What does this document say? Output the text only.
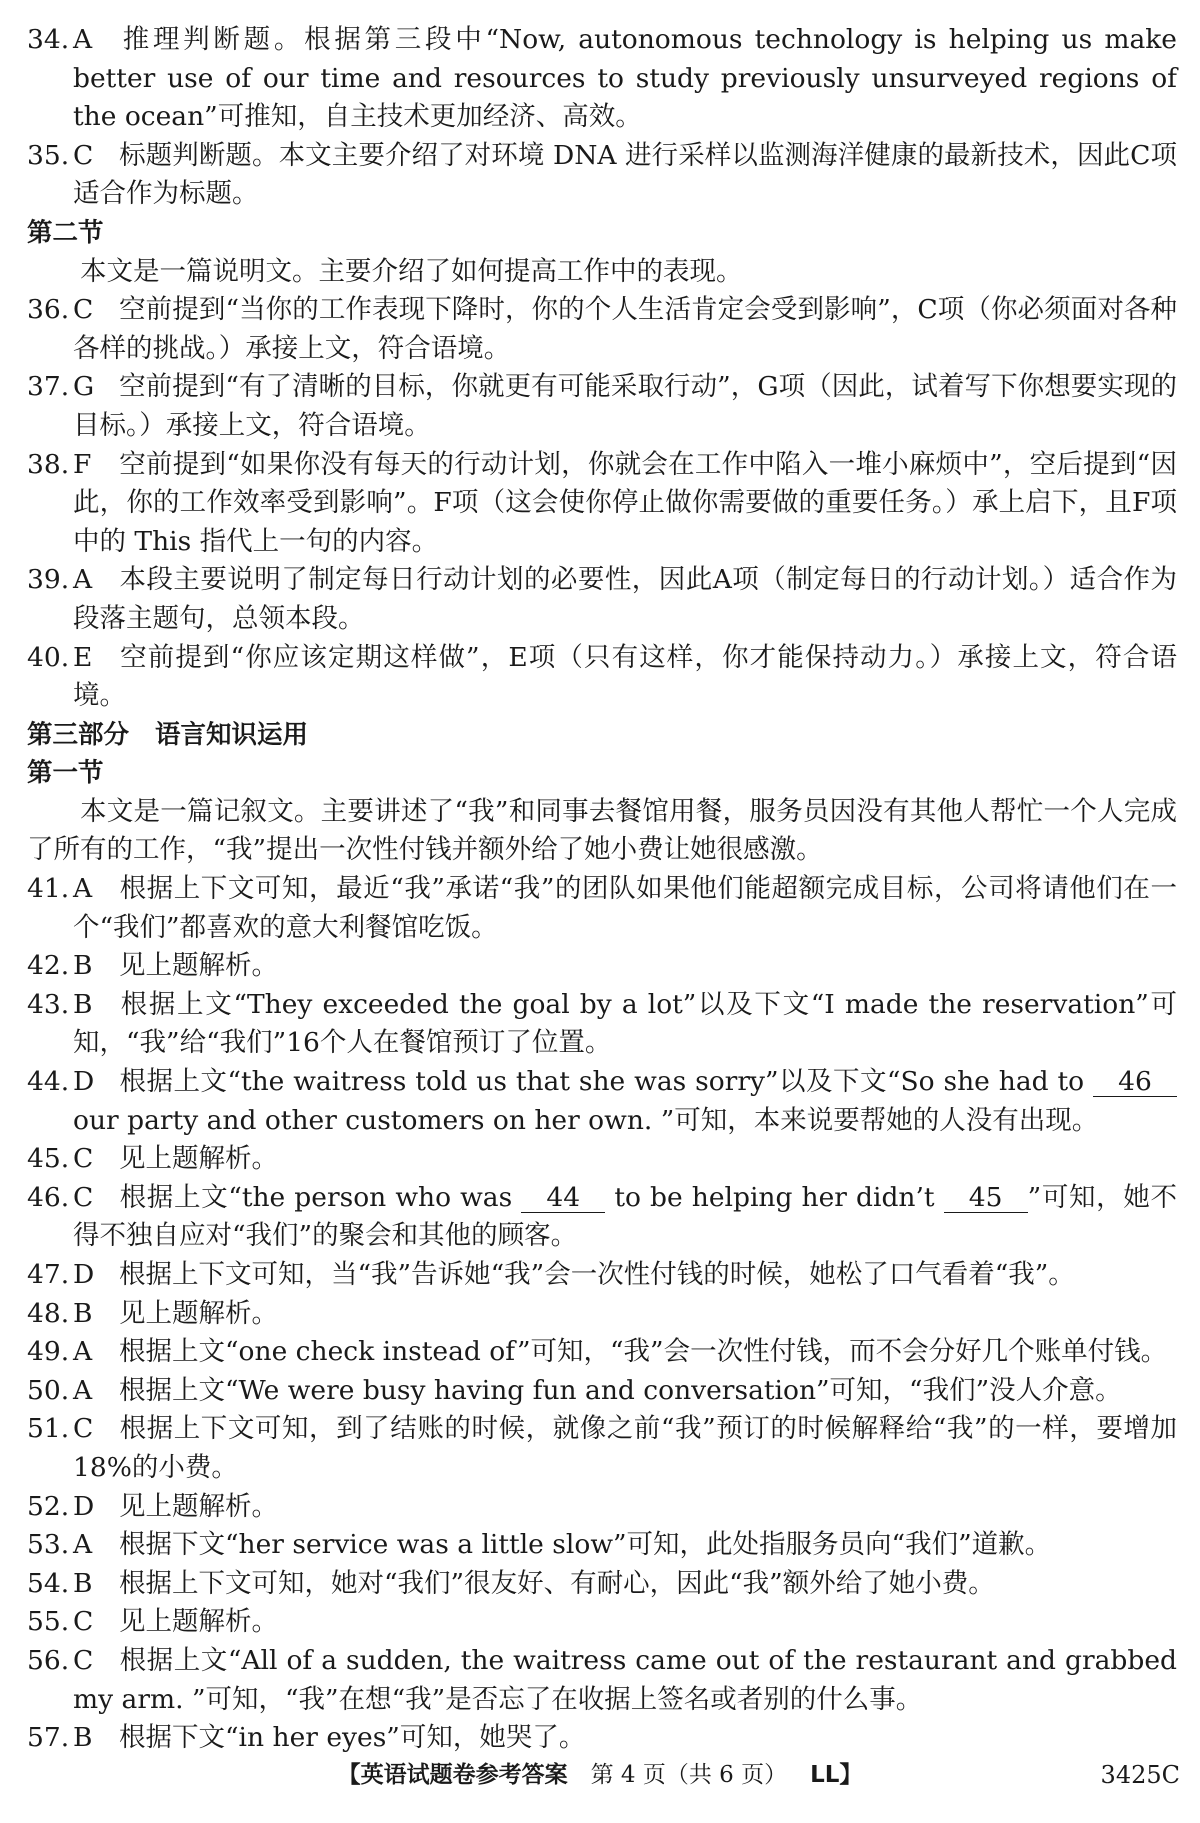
34. A 推理判断题。根据第三段中“Now, autonomous technology is helping us make better use of our time and resources to study previously unsurveyed regions of the ocean”可推知，自主技术更加经济、高效。
35. C 标题判断题。本文主要介绍了对环境 DNA 进行采样以监测海洋健康的最新技术，因此C项适合作为标题。
第二节
本文是一篇说明文。主要介绍了如何提高工作中的表现。
36. C 空前提到“当你的工作表现下降时，你的个人生活肯定会受到影响”，C项（你必须面对各种各样的挑战。）承接上文，符合语境。
37. G 空前提到“有了清晰的目标，你就更有可能采取行动”，G项（因此，试着写下你想要实现的目标。）承接上文，符合语境。
38. F 空前提到“如果你没有每天的行动计划，你就会在工作中陷入一堆小麻烦中”，空后提到“因此，你的工作效率受到影响”。F项（这会使你停止做你需要做的重要任务。）承上启下，且F项中的 This 指代上一句的内容。
39. A 本段主要说明了制定每日行动计划的必要性，因此A项（制定每日的行动计划。）适合作为段落主题句，总领本段。
40. E 空前提到“你应该定期这样做”，E项（只有这样，你才能保持动力。）承接上文，符合语境。
第三部分 语言知识运用
第一节
本文是一篇记叙文。主要讲述了“我”和同事去餐馆用餐，服务员因没有其他人帮忙一个人完成了所有的工作，“我”提出一次性付钱并额外给了她小费让她很感激。
41. A 根据上下文可知，最近“我”承诺“我”的团队如果他们能超额完成目标，公司将请他们在一个“我们”都喜欢的意大利餐馆吃饭。
42. B 见上题解析。
43. B 根据上文“They exceeded the goal by a lot”以及下文“I made the reservation”可知，“我”给“我们”16个人在餐馆预订了位置。
44. D 根据上文“the waitress told us that she was sorry”以及下文“So she had to 46 our party and other customers on her own. ”可知，本来说要帮她的人没有出现。
45. C 见上题解析。
46. C 根据上文“the person who was 44 to be helping her didn’t 45 ”可知，她不得不独自应对“我们”的聚会和其他的顾客。
47. D 根据上下文可知，当“我”告诉她“我”会一次性付钱的时候，她松了口气看着“我”。
48. B 见上题解析。
49. A 根据上文“one check instead of”可知，“我”会一次性付钱，而不会分好几个账单付钱。
50. A 根据上文“We were busy having fun and conversation”可知，“我们”没人介意。
51. C 根据上下文可知，到了结账的时候，就像之前“我”预订的时候解释给“我”的一样，要增加18%的小费。
52. D 见上题解析。
53. A 根据下文“her service was a little slow”可知，此处指服务员向“我们”道歉。
54. B 根据上下文可知，她对“我们”很友好、有耐心，因此“我”额外给了她小费。
55. C 见上题解析。
56. C 根据上文“All of a sudden, the waitress came out of the restaurant and grabbed my arm. ”可知，“我”在想“我”是否忘了在收据上签名或者别的什么事。
57. B 根据下文“in her eyes”可知，她哭了。
【英语试题卷参考答案  第 4 页（共 6 页）  LL】	3425C
